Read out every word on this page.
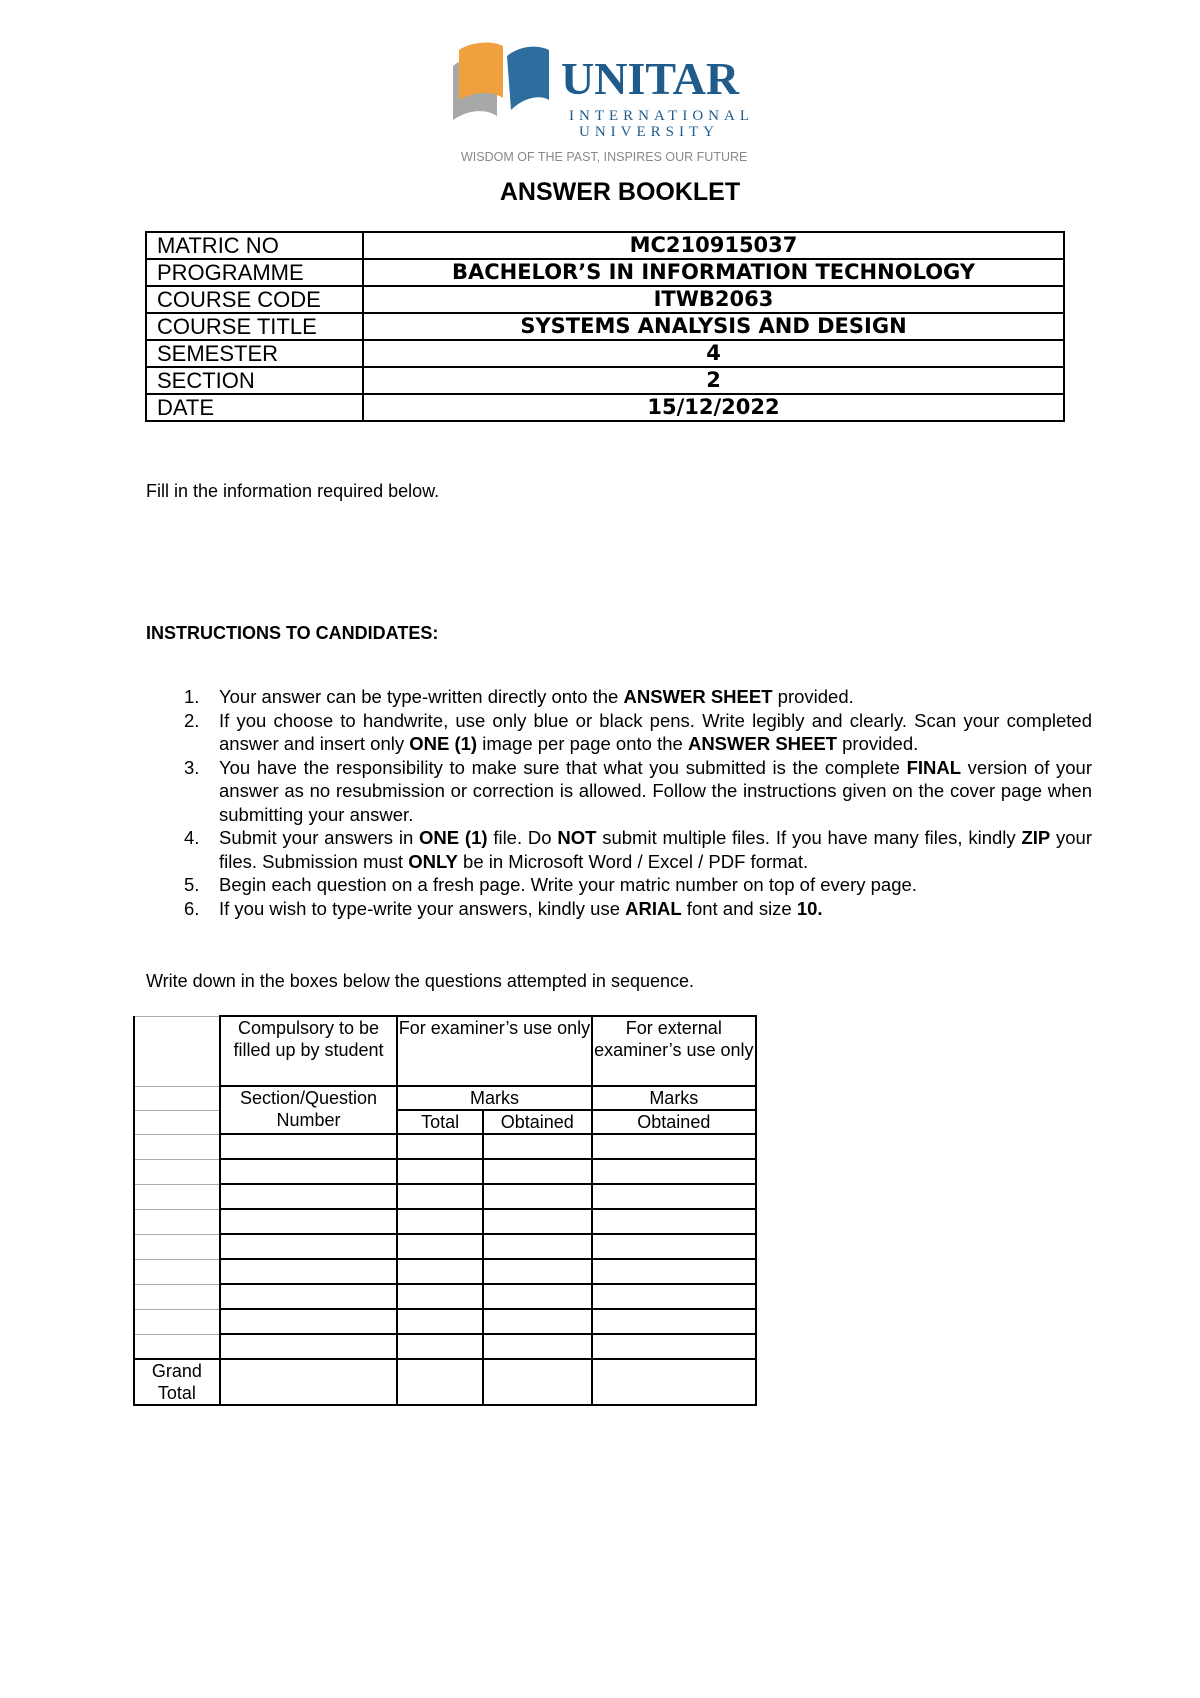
UNITAR
INTERNATIONAL
UNIVERSITY
WISDOM OF THE PAST, INSPIRES OUR FUTURE
ANSWER BOOKLET
MATRIC NO	MC210915037
PROGRAMME	BACHELOR’S IN INFORMATION TECHNOLOGY
COURSE CODE	ITWB2063
COURSE TITLE	SYSTEMS ANALYSIS AND DESIGN
SEMESTER	4
SECTION	2
DATE	15/12/2022
Fill in the information required below.
INSTRUCTIONS TO CANDIDATES:
1. Your answer can be type-written directly onto the ANSWER SHEET provided.
2. If you choose to handwrite, use only blue or black pens. Write legibly and clearly. Scan your completed answer and insert only ONE (1) image per page onto the ANSWER SHEET provided.
3. You have the responsibility to make sure that what you submitted is the complete FINAL version of your answer as no resubmission or correction is allowed. Follow the instructions given on the cover page when submitting your answer.
4. Submit your answers in ONE (1) file. Do NOT submit multiple files. If you have many files, kindly ZIP your files. Submission must ONLY be in Microsoft Word / Excel / PDF format.
5. Begin each question on a fresh page. Write your matric number on top of every page.
6. If you wish to type-write your answers, kindly use ARIAL font and size 10.
Write down in the boxes below the questions attempted in sequence.
	Compulsory to be filled up by student	For examiner’s use only		For external examiner’s use only
	Section/Question Number	Marks		Marks
		Total	Obtained	Obtained

Grand Total				
